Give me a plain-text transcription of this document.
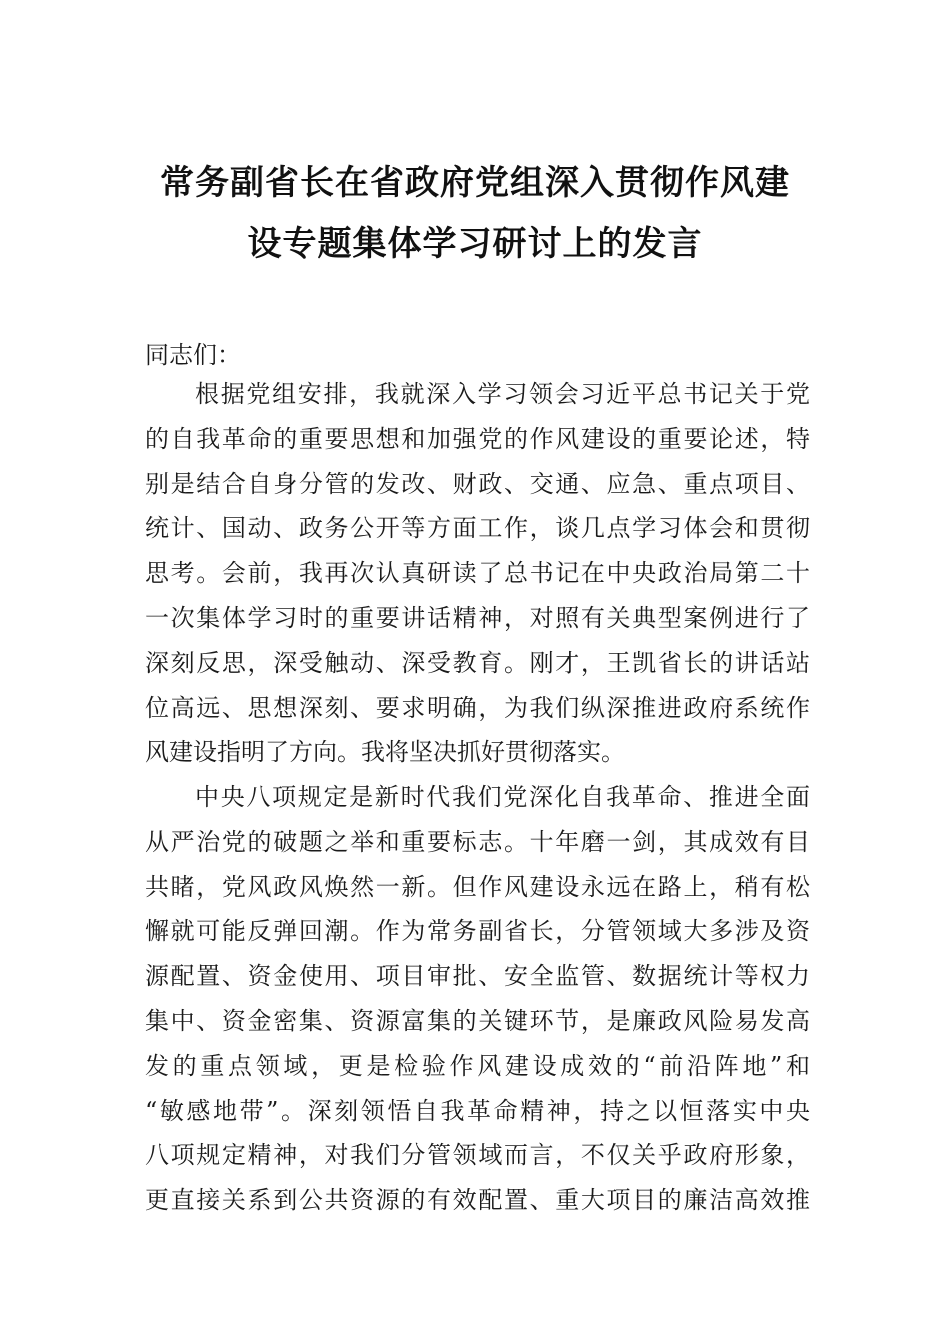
常务副省长在省政府党组深入贯彻作风建
设专题集体学习研讨上的发言
同志们：
根据党组安排，我就深入学习领会习近平总书记关于党
的自我革命的重要思想和加强党的作风建设的重要论述，特
别是结合自身分管的发改、财政、交通、应急、重点项目、
统计、国动、政务公开等方面工作，谈几点学习体会和贯彻
思考。会前，我再次认真研读了总书记在中央政治局第二十
一次集体学习时的重要讲话精神，对照有关典型案例进行了
深刻反思，深受触动、深受教育。刚才，王凯省长的讲话站
位高远、思想深刻、要求明确，为我们纵深推进政府系统作
风建设指明了方向。我将坚决抓好贯彻落实。
中央八项规定是新时代我们党深化自我革命、推进全面
从严治党的破题之举和重要标志。十年磨一剑，其成效有目
共睹，党风政风焕然一新。但作风建设永远在路上，稍有松
懈就可能反弹回潮。作为常务副省长，分管领域大多涉及资
源配置、资金使用、项目审批、安全监管、数据统计等权力
集中、资金密集、资源富集的关键环节，是廉政风险易发高
发的重点领域，更是检验作风建设成效的“前沿阵地”和
“敏感地带”。深刻领悟自我革命精神，持之以恒落实中央
八项规定精神，对我们分管领域而言，不仅关乎政府形象，
更直接关系到公共资源的有效配置、重大项目的廉洁高效推
